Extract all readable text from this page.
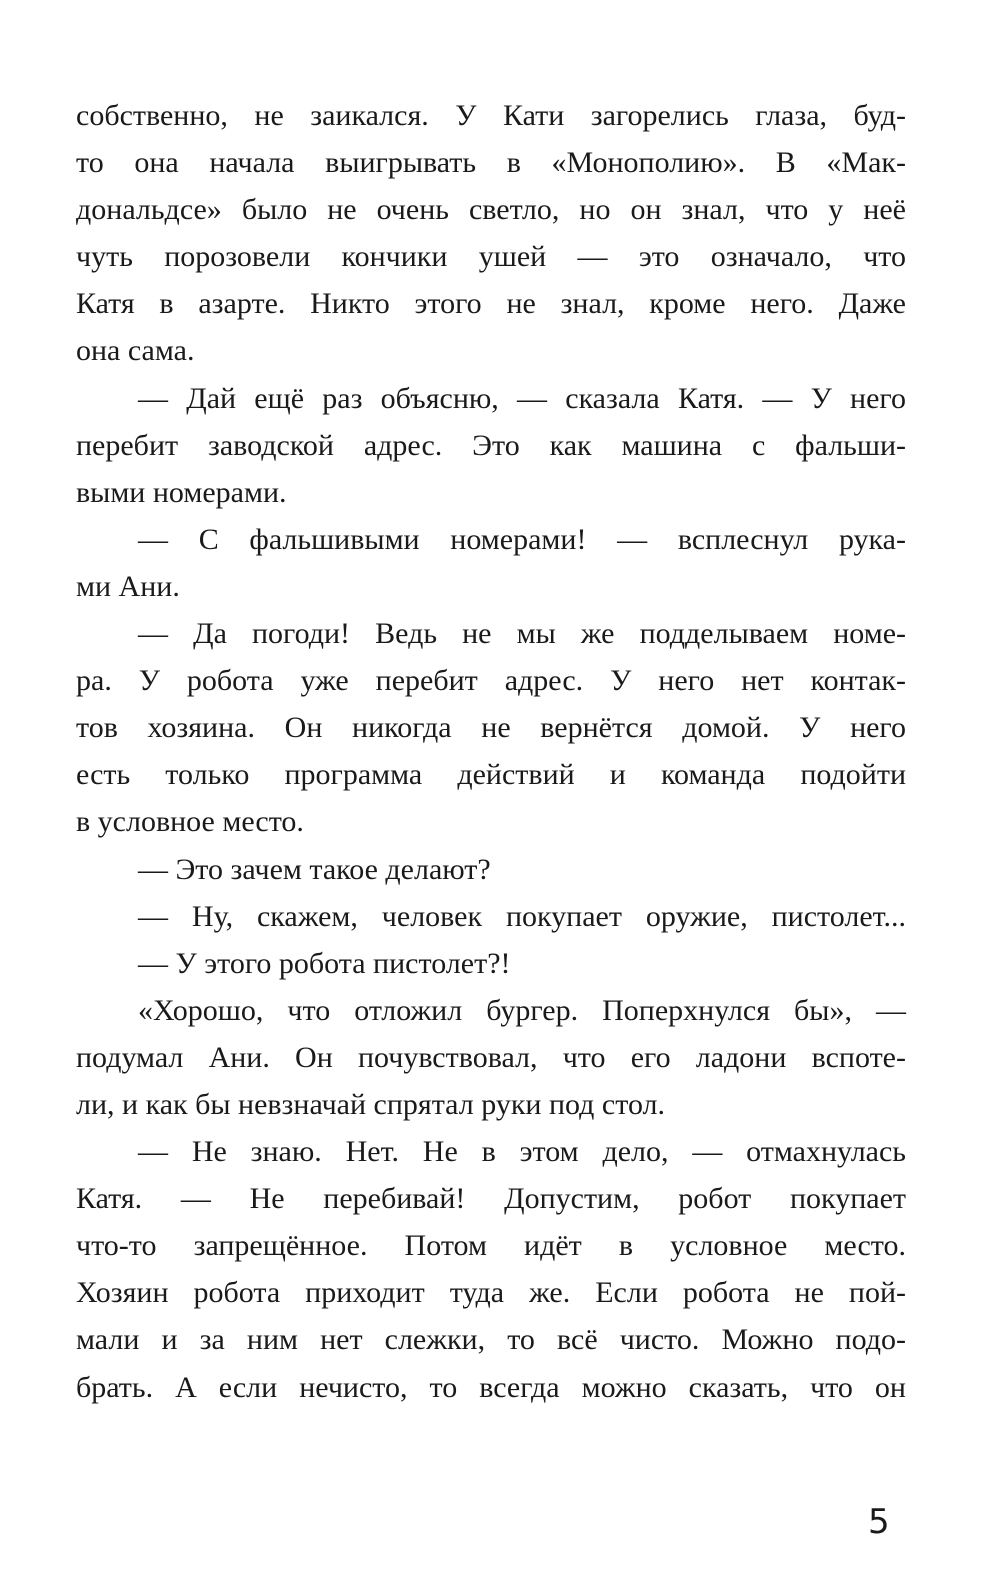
собственно, не заикался. У Кати загорелись глаза, буд-
то она начала выигрывать в «Монополию». В «Мак-
дональдсе» было не очень светло, но он знал, что у неё
чуть порозовели кончики ушей — это означало, что
Катя в азарте. Никто этого не знал, кроме него. Даже
она сама.
— Дай ещё раз объясню, — сказала Катя. — У него
перебит заводской адрес. Это как машина с фальши-
выми номерами.
— С фальшивыми номерами! — всплеснул рука-
ми Ани.
— Да погоди! Ведь не мы же подделываем номе-
ра. У робота уже перебит адрес. У него нет контак-
тов хозяина. Он никогда не вернётся домой. У него
есть только программа действий и команда подойти
в условное место.
— Это зачем такое делают?
— Ну, скажем, человек покупает оружие, пистолет...
— У этого робота пистолет?!
«Хорошо, что отложил бургер. Поперхнулся бы», —
подумал Ани. Он почувствовал, что его ладони вспоте-
ли, и как бы невзначай спрятал руки под стол.
— Не знаю. Нет. Не в этом дело, — отмахнулась
Катя. — Не перебивай! Допустим, робот покупает
что-то запрещённое. Потом идёт в условное место.
Хозяин робота приходит туда же. Если робота не пой-
мали и за ним нет слежки, то всё чисто. Можно подо-
брать. А если нечисто, то всегда можно сказать, что он
5
